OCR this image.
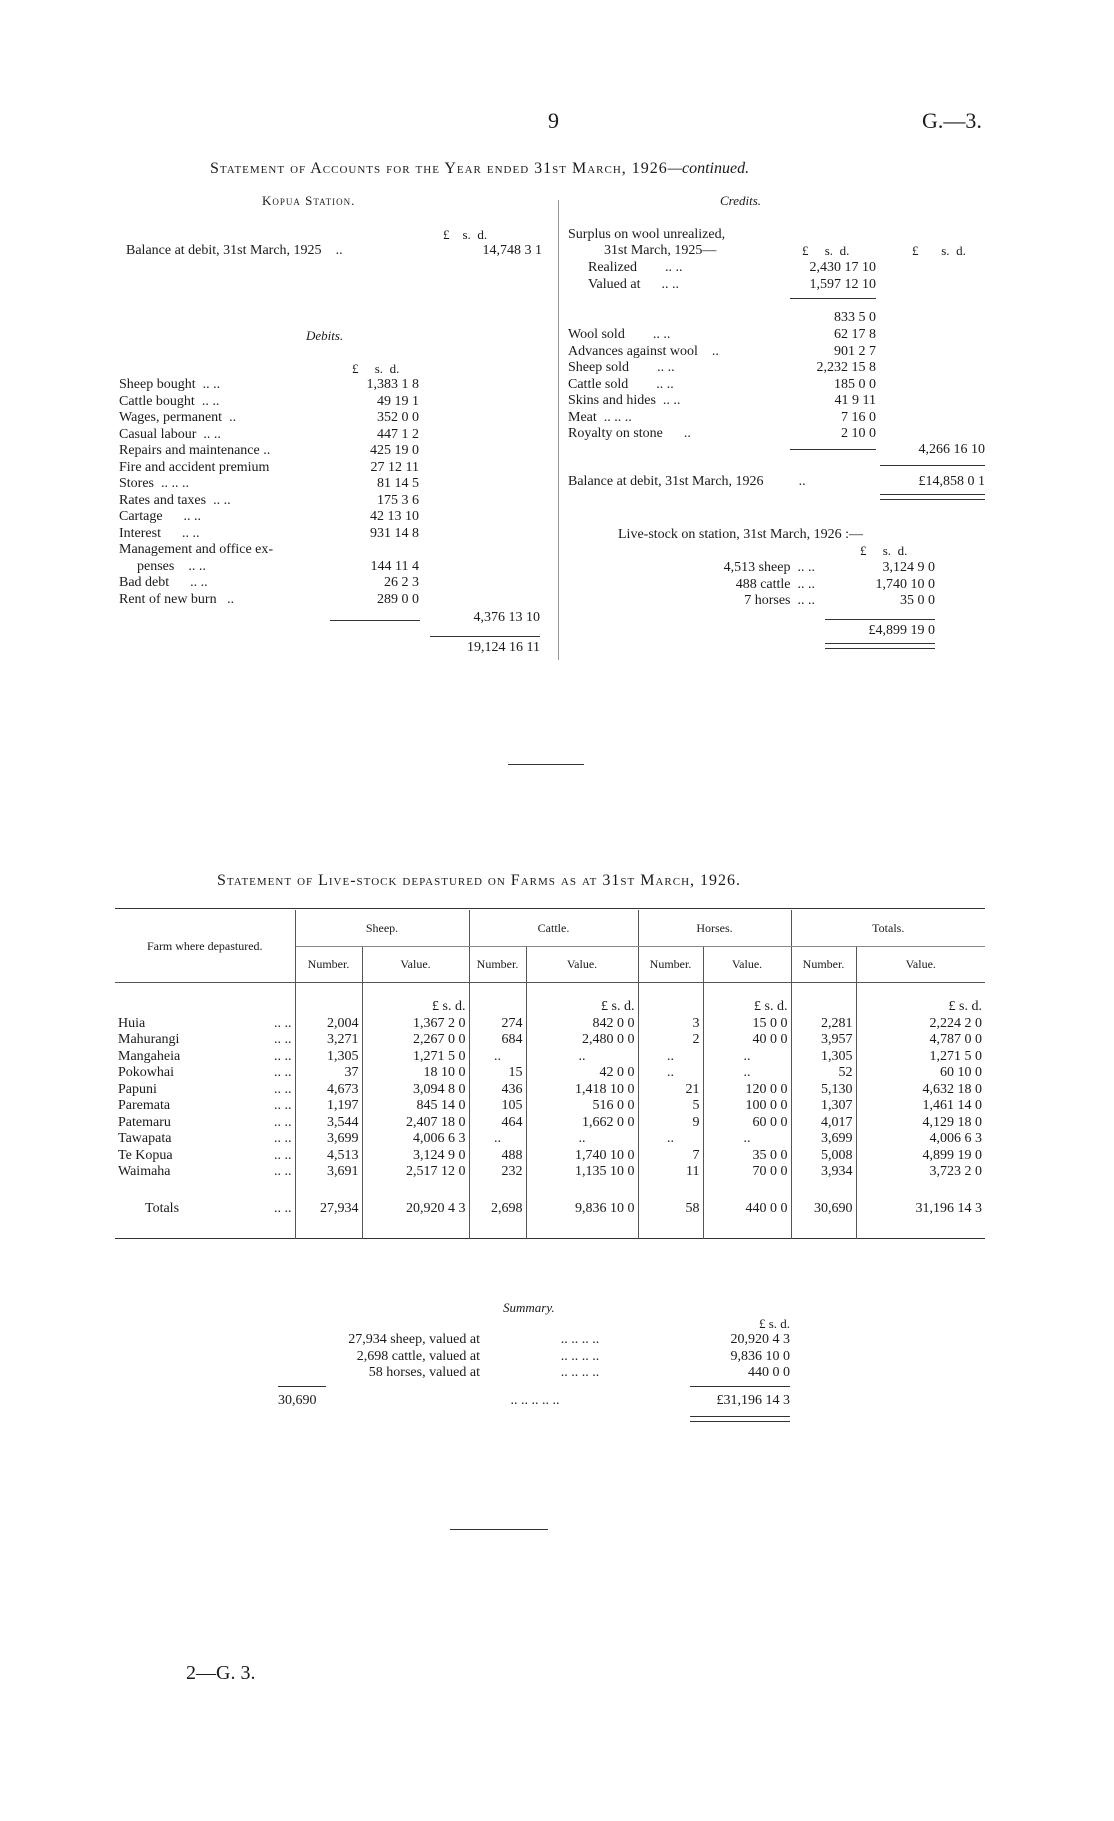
9	G.—3.
Statement of Accounts for the Year ended 31st March, 1926—continued.
Kopua Station.	Credits.
£ s. d.
Balance at debit, 31st March, 1925 ..	14,748 3 1
Debits.
£ s. d.
Sheep bought .. ..	1,383 1 8
Cattle bought .. ..	49 19 1
Wages, permanent ..	352 0 0
Casual labour .. ..	447 1 2
Repairs and maintenance ..	425 19 0
Fire and accident premium	27 12 11
Stores .. .. ..	81 14 5
Rates and taxes .. ..	175 3 6
Cartage .. ..	42 13 10
Interest .. ..	931 14 8
Management and office ex-	
penses .. ..	144 11 4
Bad debt .. ..	26 2 3
Rent of new burn ..	289 0 0
4,376 13 10
19,124 16 11
Surplus on wool unrealized,
31st March, 1925—	£ s. d.	£ s. d.
Realized .. ..	2,430 17 10
Valued at .. ..	1,597 12 10
833 5 0
Wool sold .. ..	62 17 8
Advances against wool ..	901 2 7
Sheep sold .. ..	2,232 15 8
Cattle sold .. ..	185 0 0
Skins and hides .. ..	41 9 11
Meat .. .. ..	7 16 0
Royalty on stone ..	2 10 0
4,266 16 10
Balance at debit, 31st March, 1926	..	£14,858 0 1
Live-stock on station, 31st March, 1926 :—
£ s. d.
4,513 sheep .. ..	3,124 9 0
488 cattle .. ..	1,740 10 0
7 horses .. ..	35 0 0
£4,899 19 0
Statement of Live-stock depastured on Farms as at 31st March, 1926.
Farm where depastured.	Sheep.		Cattle.		Horses.		Totals.	
	Number.	Value.	Number.	Value.	Number.	Value.	Number.	Value.

		£ s. d.		£ s. d.		£ s. d.		£ s. d.
Huia .. ..	2,004	1,367 2 0	274	842 0 0	3	15 0 0	2,281	2,224 2 0
Mahurangi .. ..	3,271	2,267 0 0	684	2,480 0 0	2	40 0 0	3,957	4,787 0 0
Mangaheia .. ..	1,305	1,271 5 0	..	..	..	..	1,305	1,271 5 0
Pokowhai .. ..	37	18 10 0	15	42 0 0	..	..	52	60 10 0
Papuni .. ..	4,673	3,094 8 0	436	1,418 10 0	21	120 0 0	5,130	4,632 18 0
Paremata .. ..	1,197	845 14 0	105	516 0 0	5	100 0 0	1,307	1,461 14 0
Patemaru .. ..	3,544	2,407 18 0	464	1,662 0 0	9	60 0 0	4,017	4,129 18 0
Tawapata .. ..	3,699	4,006 6 3	..	..	..	..	3,699	4,006 6 3
Te Kopua .. ..	4,513	3,124 9 0	488	1,740 10 0	7	35 0 0	5,008	4,899 19 0
Waimaha .. ..	3,691	2,517 12 0	232	1,135 10 0	11	70 0 0	3,934	3,723 2 0

Totals .. ..	27,934	20,920 4 3	2,698	9,836 10 0	58	440 0 0	30,690	31,196 14 3

Summary.
£ s. d.
27,934 sheep, valued at	.. .. .. ..	20,920 4 3
2,698 cattle, valued at	.. .. .. ..	9,836 10 0
58 horses, valued at	.. .. .. ..	440 0 0
30,690	.. .. .. .. ..	£31,196 14 3
2—G. 3.
